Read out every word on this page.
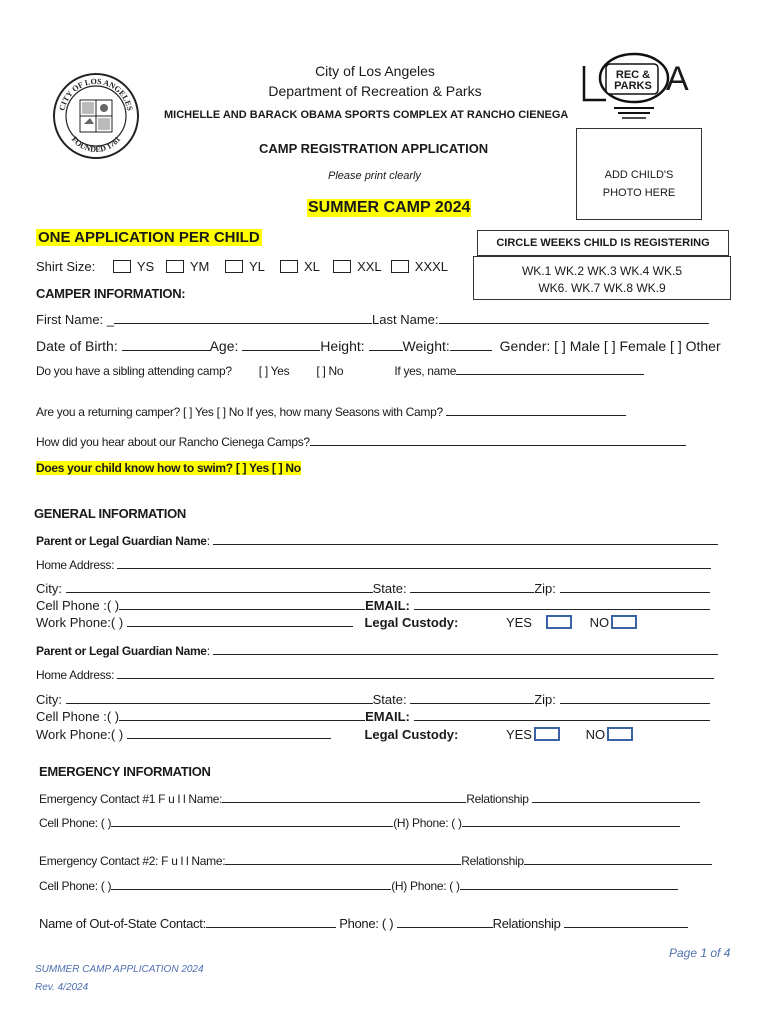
CITY OF LOS ANGELES
FOUNDED 1781
City of Los Angeles
Department of Recreation & Parks
MICHELLE AND BARACK OBAMA SPORTS COMPLEX AT RANCHO CIENEGA
REC &
PARKS A
CAMP REGISTRATION APPLICATION
Please print clearly	ADD CHILD'S
PHOTO HERE
SUMMER CAMP 2024
ONE APPLICATION PER CHILD	CIRCLE WEEKS CHILD IS REGISTERING
WK.1 WK.2 WK.3 WK.4 WK.5
WK6. WK.7 WK.8 WK.9
Shirt Size:	YS	YM	YL	XL	XXL	XXXL
CAMPER INFORMATION:
First Name: _	Last Name:
Date of Birth:	Age:	Height:	Weight:	Gender: [ ] Male [ ] Female [ ] Other
Do you have a sibling attending camp? [ ] Yes [ ] No	If yes, name
Are you a returning camper? [ ] Yes [ ] No If yes, how many Seasons with Camp?
How did you hear about our Rancho Cienega Camps?
Does your child know how to swim? [ ] Yes [ ] No
GENERAL INFORMATION
Parent or Legal Guardian Name:
Home Address:
City:	State:	Zip:
Cell Phone :( )	EMAIL:
Work Phone:( )	Legal Custody:	YES	NO
Parent or Legal Guardian Name:
Home Address:
City:	State:	Zip:
Cell Phone :( )	EMAIL:
Work Phone:( )	Legal Custody:	YES	NO
EMERGENCY INFORMATION
Emergency Contact #1 F u l l Name:	Relationship
Cell Phone: ( )	(H) Phone: ( )
Emergency Contact #2: F u l l Name:	Relationship
Cell Phone: ( )	(H) Phone: ( )
Name of Out-of-State Contact:	Phone: ( )	Relationship
Page 1 of 4
SUMMER CAMP APPLICATION 2024
Rev. 4/2024
